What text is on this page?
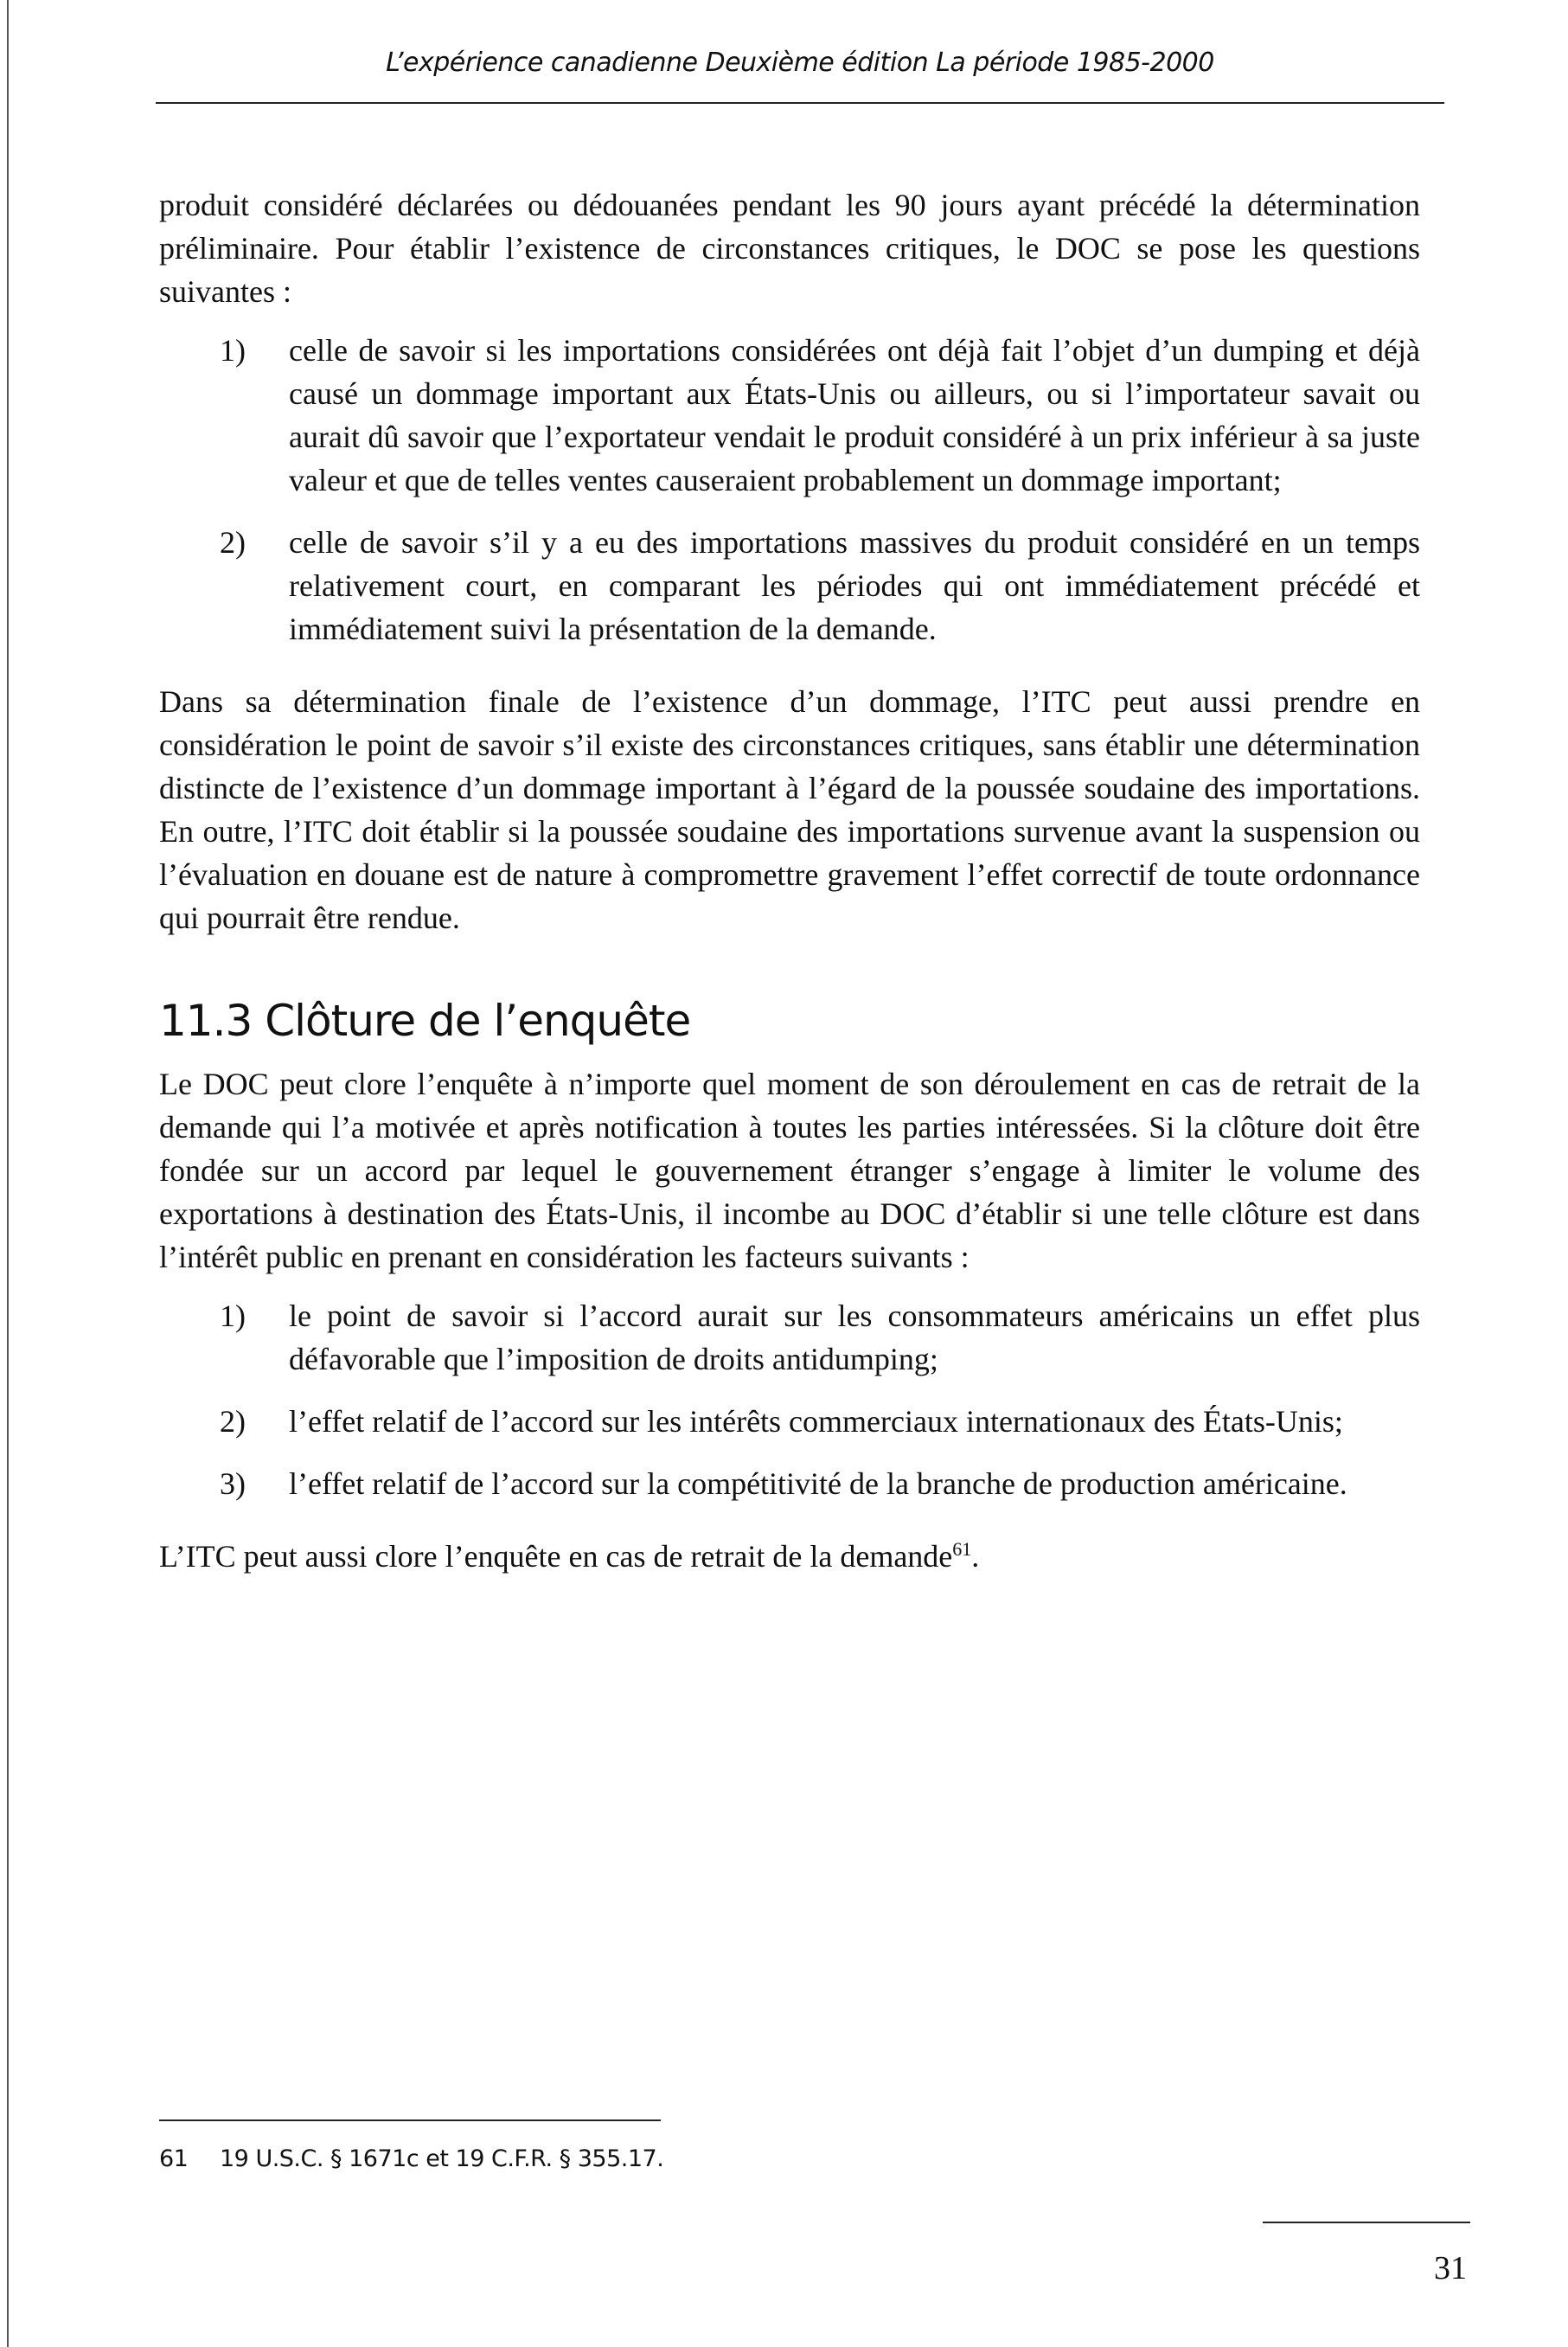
L’expérience canadienne Deuxième édition La période 1985-2000

produit considéré déclarées ou dédouanées pendant les 90 jours ayant précédé la détermination préliminaire. Pour établir l’existence de circonstances critiques, le DOC se pose les questions suivantes :

1) celle de savoir si les importations considérées ont déjà fait l’objet d’un dumping et déjà causé un dommage important aux États-Unis ou ailleurs, ou si l’importateur savait ou aurait dû savoir que l’exportateur vendait le produit considéré à un prix inférieur à sa juste valeur et que de telles ventes causeraient probablement un dommage important;
2) celle de savoir s’il y a eu des importations massives du produit considéré en un temps relativement court, en comparant les périodes qui ont immédiatement précédé et immédiatement suivi la présentation de la demande.

Dans sa détermination finale de l’existence d’un dommage, l’ITC peut aussi prendre en considération le point de savoir s’il existe des circonstances critiques, sans établir une détermination distincte de l’existence d’un dommage important à l’égard de la poussée soudaine des importations. En outre, l’ITC doit établir si la poussée soudaine des importations survenue avant la suspension ou l’évaluation en douane est de nature à compromettre gravement l’effet correctif de toute ordonnance qui pourrait être rendue.

11.3 Clôture de l’enquête

Le DOC peut clore l’enquête à n’importe quel moment de son déroulement en cas de retrait de la demande qui l’a motivée et après notification à toutes les parties intéressées. Si la clôture doit être fondée sur un accord par lequel le gouvernement étranger s’engage à limiter le volume des exportations à destination des États-Unis, il incombe au DOC d’établir si une telle clôture est dans l’intérêt public en prenant en considération les facteurs suivants :

1) le point de savoir si l’accord aurait sur les consommateurs américains un effet plus défavorable que l’imposition de droits antidumping;
2) l’effet relatif de l’accord sur les intérêts commerciaux internationaux des États-Unis;
3) l’effet relatif de l’accord sur la compétitivité de la branche de production américaine.

L’ITC peut aussi clore l’enquête en cas de retrait de la demande$^{61}$.

61 19 U.S.C. § 1671c et 19 C.F.R. § 355.17.
31
